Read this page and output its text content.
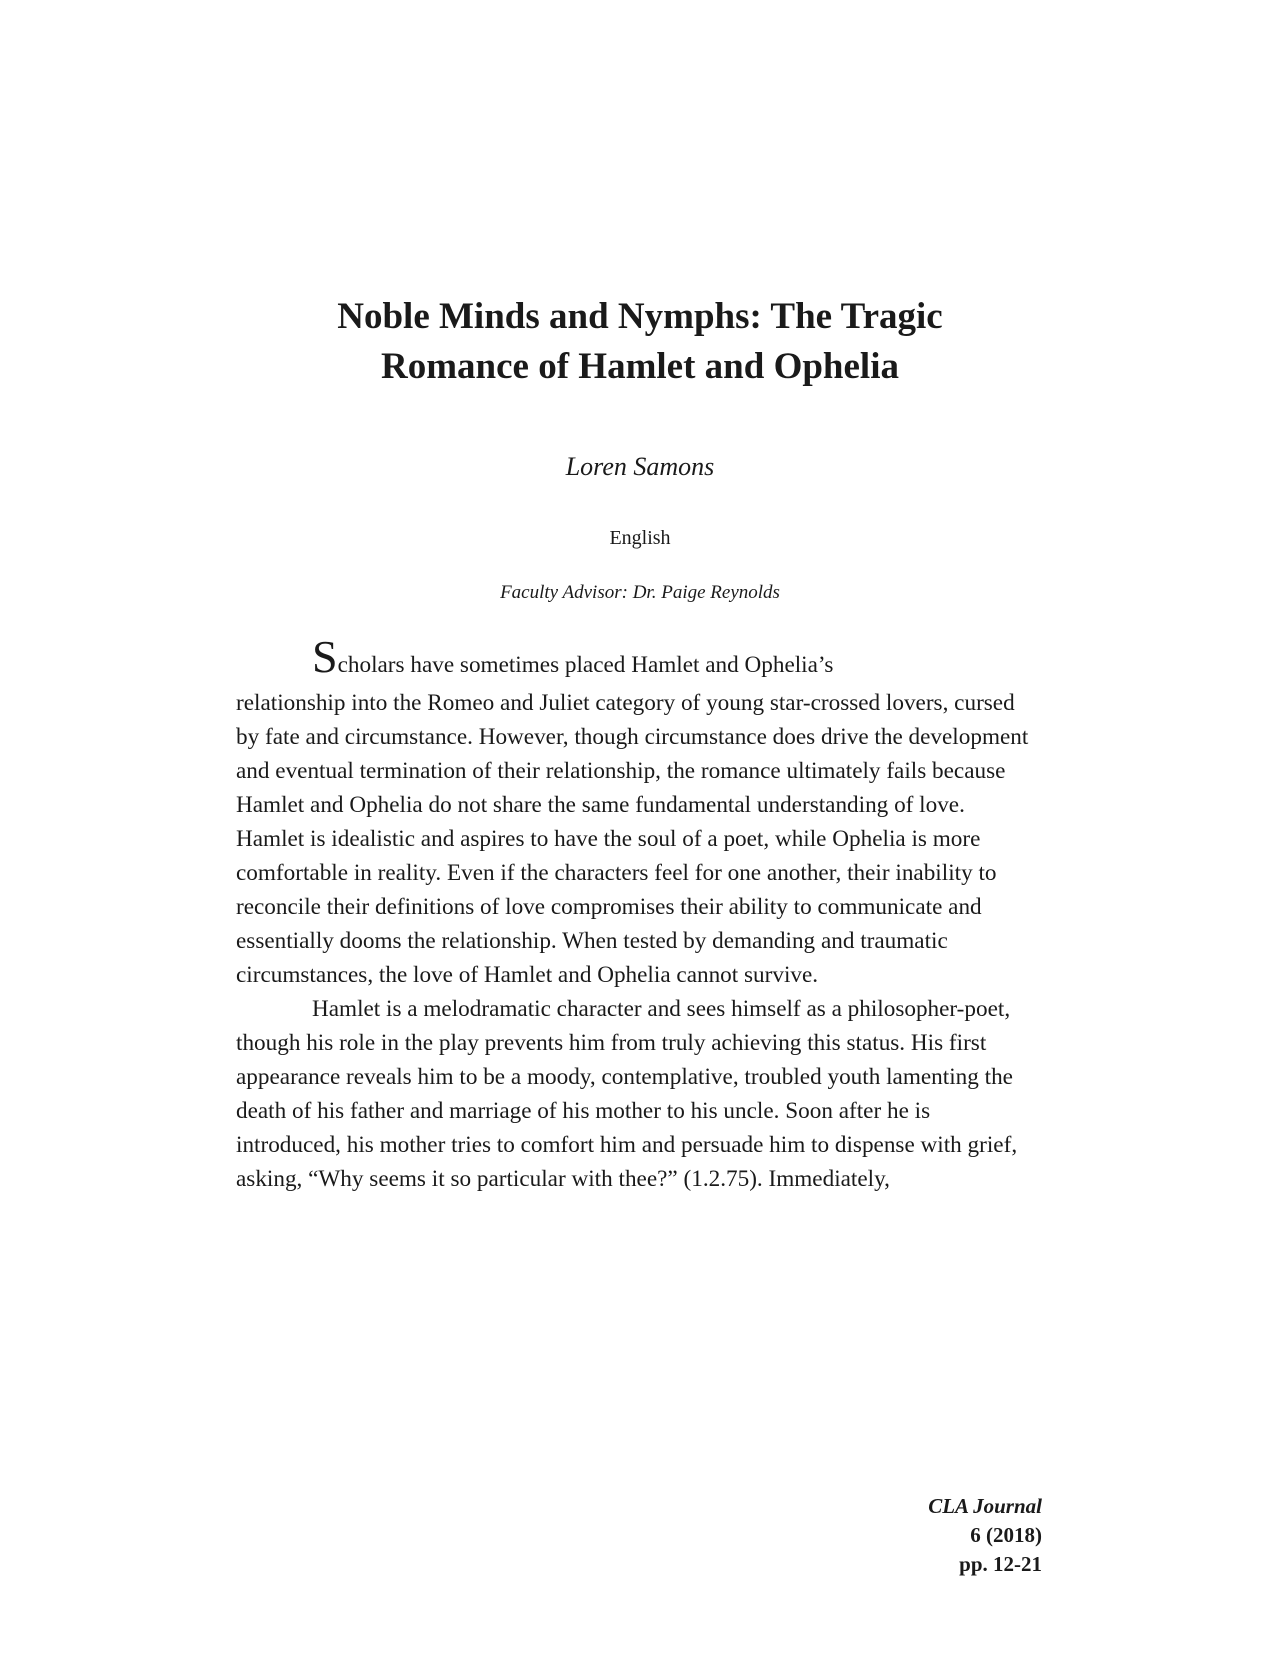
Noble Minds and Nymphs: The Tragic
Romance of Hamlet and Ophelia

Loren Samons

English

Faculty Advisor: Dr. Paige Reynolds

Scholars have sometimes placed Hamlet and Ophelia’s

relationship into the Romeo and Juliet category of young star-crossed lovers, cursed by fate and circumstance. However, though circumstance does drive the development and eventual termination of their relationship, the romance ultimately fails because Hamlet and Ophelia do not share the same fundamental understanding of love. Hamlet is idealistic and aspires to have the soul of a poet, while Ophelia is more comfortable in reality. Even if the characters feel for one another, their inability to reconcile their definitions of love compromises their ability to communicate and essentially dooms the relationship. When tested by demanding and traumatic circumstances, the love of Hamlet and Ophelia cannot survive.

Hamlet is a melodramatic character and sees himself as a philosopher-poet, though his role in the play prevents him from truly achieving this status. His first appearance reveals him to be a moody, contemplative, troubled youth lamenting the death of his father and marriage of his mother to his uncle. Soon after he is introduced, his mother tries to comfort him and persuade him to dispense with grief, asking, “Why seems it so particular with thee?” (1.2.75). Immediately,

CLA Journal
6 (2018)
pp. 12-21
